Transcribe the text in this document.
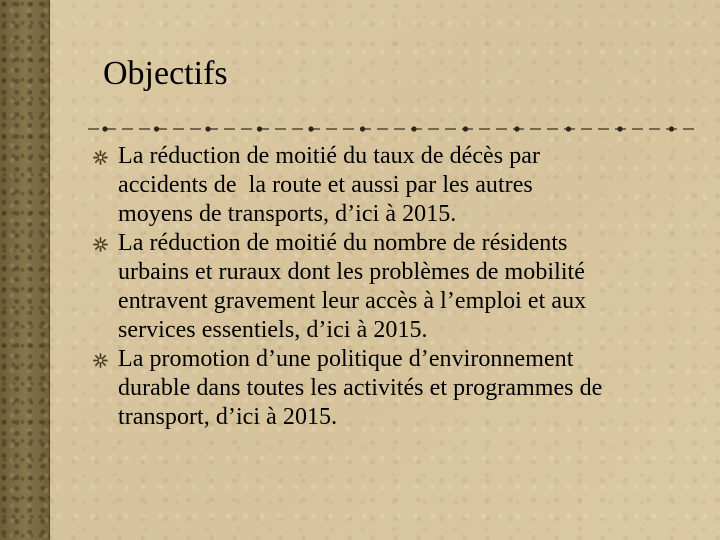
Objectifs
La réduction de moitié du taux de décès par
accidents de  la route et aussi par les autres
moyens de transports, d’ici à 2015.
La réduction de moitié du nombre de résidents
urbains et ruraux dont les problèmes de mobilité
entravent gravement leur accès à l’emploi et aux
services essentiels, d’ici à 2015.
La promotion d’une politique d’environnement
durable dans toutes les activités et programmes de
transport, d’ici à 2015.
